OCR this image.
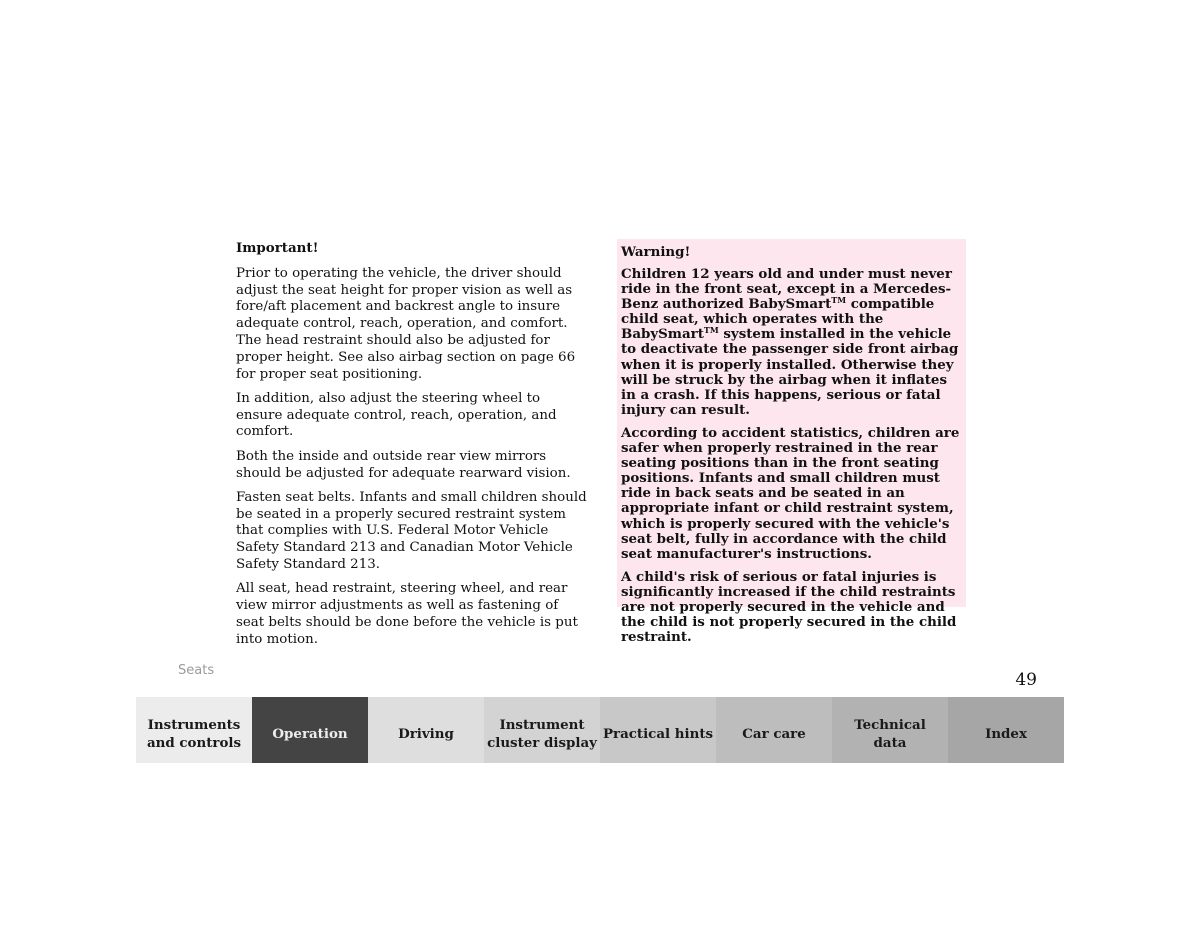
Important!

Prior to operating the vehicle, the driver should adjust the seat height for proper vision as well as fore/aft placement and backrest angle to insure adequate control, reach, operation, and comfort. The head restraint should also be adjusted for proper height. See also airbag section on page 66 for proper seat positioning.

In addition, also adjust the steering wheel to ensure adequate control, reach, operation, and comfort.

Both the inside and outside rear view mirrors should be adjusted for adequate rearward vision.

Fasten seat belts. Infants and small children should be seated in a properly secured restraint system that complies with U.S. Federal Motor Vehicle Safety Standard 213 and Canadian Motor Vehicle Safety Standard 213.

All seat, head restraint, steering wheel, and rear view mirror adjustments as well as fastening of seat belts should be done before the vehicle is put into motion.

Warning!

Children 12 years old and under must never ride in the front seat, except in a Mercedes-Benz authorized BabySmart™ compatible child seat, which operates with the BabySmart™ system installed in the vehicle to deactivate the passenger side front airbag when it is properly installed. Otherwise they will be struck by the airbag when it inflates in a crash. If this happens, serious or fatal injury can result.

According to accident statistics, children are safer when properly restrained in the rear seating positions than in the front seating positions. Infants and small children must ride in back seats and be seated in an appropriate infant or child restraint system, which is properly secured with the vehicle's seat belt, fully in accordance with the child seat manufacturer's instructions.

A child's risk of serious or fatal injuries is significantly increased if the child restraints are not properly secured in the vehicle and the child is not properly secured in the child restraint.

Seats	49
Instruments
and controls
Operation	Driving
Instrument
cluster display
Practical hints Car care
Technical
data
Index
